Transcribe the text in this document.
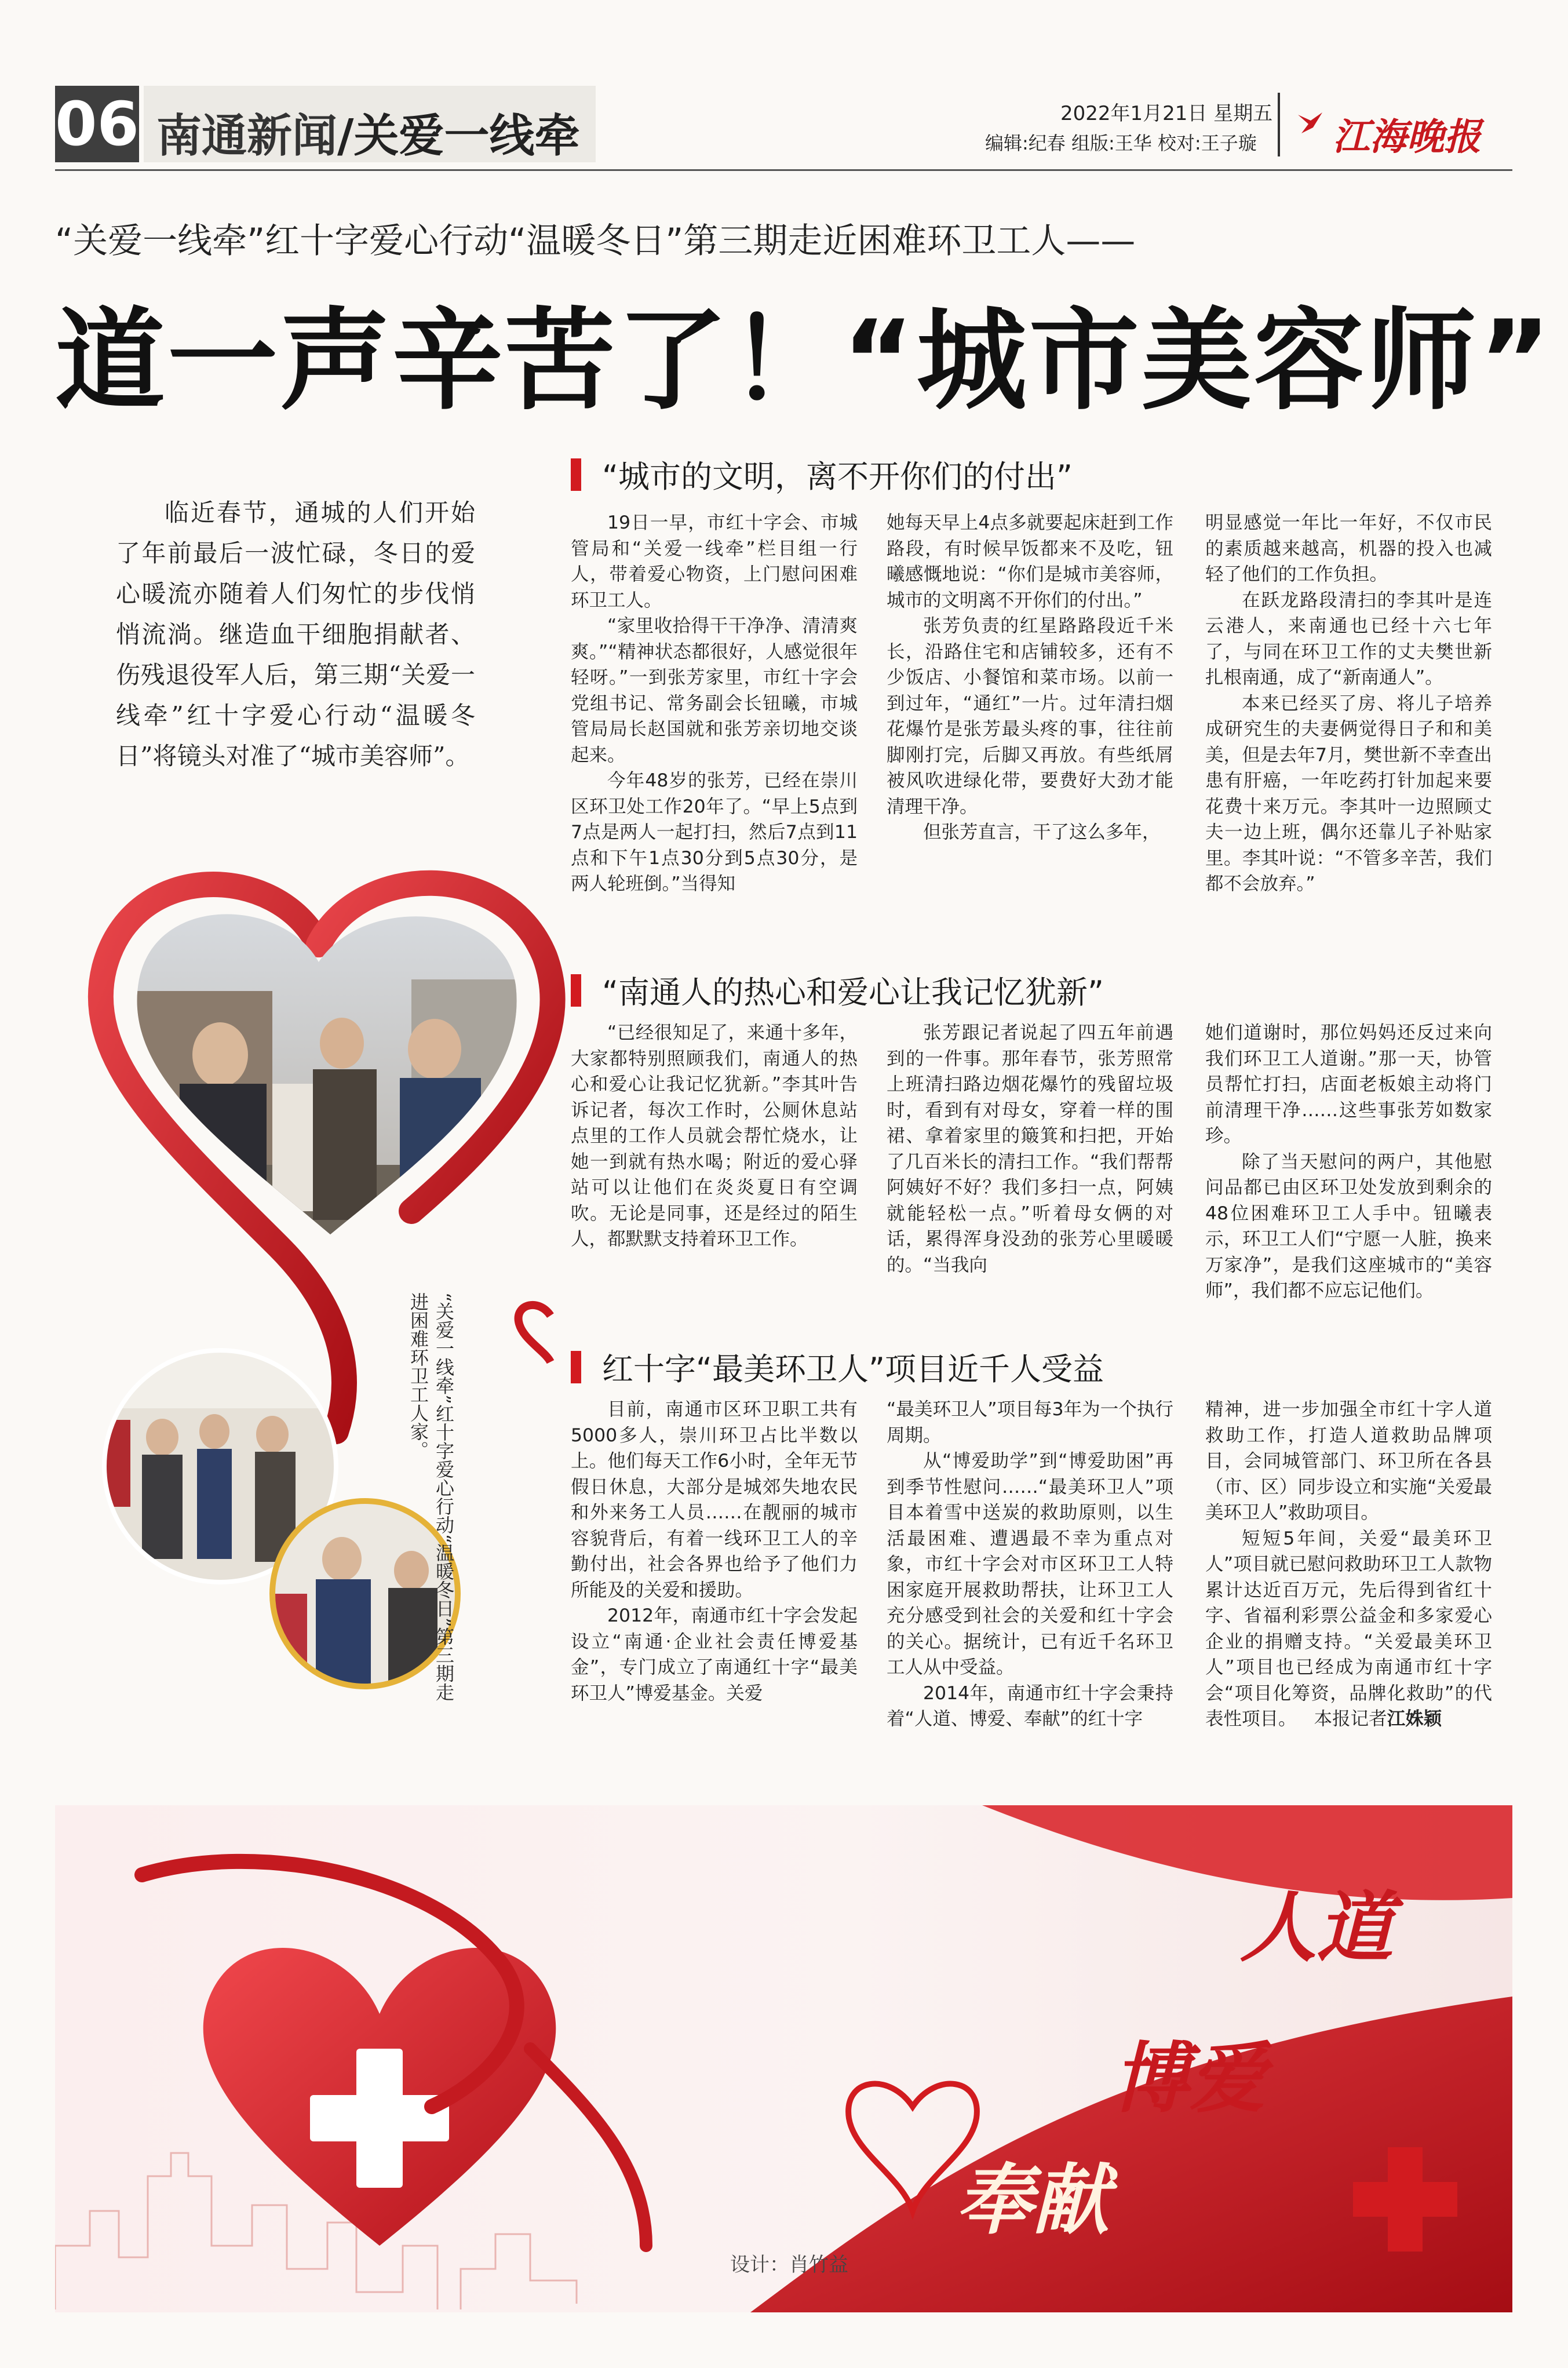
06 南通新闻/关爱一线牵	2022年1月21日 星期五
编辑:纪春 组版:王华 校对:王子璇 江海晚报
“关爱一线牵”红十字爱心行动“温暖冬日”第三期走近困难环卫工人——
道一声辛苦了！“城市美容师”
临近春节，通城的人们开始了年前最后一波忙碌，冬日的爱心暖流亦随着人们匆忙的步伐悄悄流淌。继造血干细胞捐献者、伤残退役军人后，第三期“关爱一线牵”红十字爱心行动“温暖冬日”将镜头对准了“城市美容师”。
“关爱一线牵”红十字爱心行动“温暖冬日”第三期走进困难环卫工人家。
“城市的文明，离不开你们的付出”

19日一早，市红十字会、市城管局和“关爱一线牵”栏目组一行人，带着爱心物资，上门慰问困难环卫工人。

“家里收拾得干干净净、清清爽爽。”“精神状态都很好，人感觉很年轻呀。”一到张芳家里，市红十字会党组书记、常务副会长钮曦，市城管局局长赵国就和张芳亲切地交谈起来。

今年48岁的张芳，已经在崇川区环卫处工作20年了。“早上5点到7点是两人一起打扫，然后7点到11点和下午1点30分到5点30分，是两人轮班倒。”当得知

她每天早上4点多就要起床赶到工作路段，有时候早饭都来不及吃，钮曦感慨地说：“你们是城市美容师，城市的文明离不开你们的付出。”

张芳负责的红星路路段近千米长，沿路住宅和店铺较多，还有不少饭店、小餐馆和菜市场。以前一到过年，“通红”一片。过年清扫烟花爆竹是张芳最头疼的事，往往前脚刚打完，后脚又再放。有些纸屑被风吹进绿化带，要费好大劲才能清理干净。

但张芳直言，干了这么多年，

明显感觉一年比一年好，不仅市民的素质越来越高，机器的投入也减轻了他们的工作负担。

在跃龙路段清扫的李其叶是连云港人，来南通也已经十六七年了，与同在环卫工作的丈夫樊世新扎根南通，成了“新南通人”。

本来已经买了房、将儿子培养成研究生的夫妻俩觉得日子和和美美，但是去年7月，樊世新不幸查出患有肝癌，一年吃药打针加起来要花费十来万元。李其叶一边照顾丈夫一边上班，偶尔还靠儿子补贴家里。李其叶说：“不管多辛苦，我们都不会放弃。”

“南通人的热心和爱心让我记忆犹新”

“已经很知足了，来通十多年，大家都特别照顾我们，南通人的热心和爱心让我记忆犹新。”李其叶告诉记者，每次工作时，公厕休息站点里的工作人员就会帮忙烧水，让她一到就有热水喝；附近的爱心驿站可以让他们在炎炎夏日有空调吹。无论是同事，还是经过的陌生人，都默默支持着环卫工作。

张芳跟记者说起了四五年前遇到的一件事。那年春节，张芳照常上班清扫路边烟花爆竹的残留垃圾时，看到有对母女，穿着一样的围裙、拿着家里的簸箕和扫把，开始了几百米长的清扫工作。“我们帮帮阿姨好不好？我们多扫一点，阿姨就能轻松一点。”听着母女俩的对话，累得浑身没劲的张芳心里暖暖的。“当我向

她们道谢时，那位妈妈还反过来向我们环卫工人道谢。”那一天，协管员帮忙打扫，店面老板娘主动将门前清理干净……这些事张芳如数家珍。

除了当天慰问的两户，其他慰问品都已由区环卫处发放到剩余的48位困难环卫工人手中。钮曦表示，环卫工人们“宁愿一人脏，换来万家净”，是我们这座城市的“美容师”，我们都不应忘记他们。

红十字“最美环卫人”项目近千人受益

目前，南通市区环卫职工共有5000多人，崇川环卫占比半数以上。他们每天工作6小时，全年无节假日休息，大部分是城郊失地农民和外来务工人员……在靓丽的城市容貌背后，有着一线环卫工人的辛勤付出，社会各界也给予了他们力所能及的关爱和援助。

2012年，南通市红十字会发起设立“南通·企业社会责任博爱基金”，专门成立了南通红十字“最美环卫人”博爱基金。关爱

“最美环卫人”项目每3年为一个执行周期。

从“博爱助学”到“博爱助困”再到季节性慰问……“最美环卫人”项目本着雪中送炭的救助原则，以生活最困难、遭遇最不幸为重点对象，市红十字会对市区环卫工人特困家庭开展救助帮扶，让环卫工人充分感受到社会的关爱和红十字会的关心。据统计，已有近千名环卫工人从中受益。

2014年，南通市红十字会秉持着“人道、博爱、奉献”的红十字

精神，进一步加强全市红十字人道救助工作，打造人道救助品牌项目，会同城管部门、环卫所在各县（市、区）同步设立和实施“关爱最美环卫人”救助项目。

短短5年间，关爱“最美环卫人”项目就已慰问救助环卫工人款物累计达近百万元，先后得到省红十字、省福利彩票公益金和多家爱心企业的捐赠支持。“关爱最美环卫人”项目也已经成为南通市红十字会“项目化筹资，品牌化救助”的代表性项目。 本报记者江姝颖

人道
博爱
奉献
设计：肖竹益
